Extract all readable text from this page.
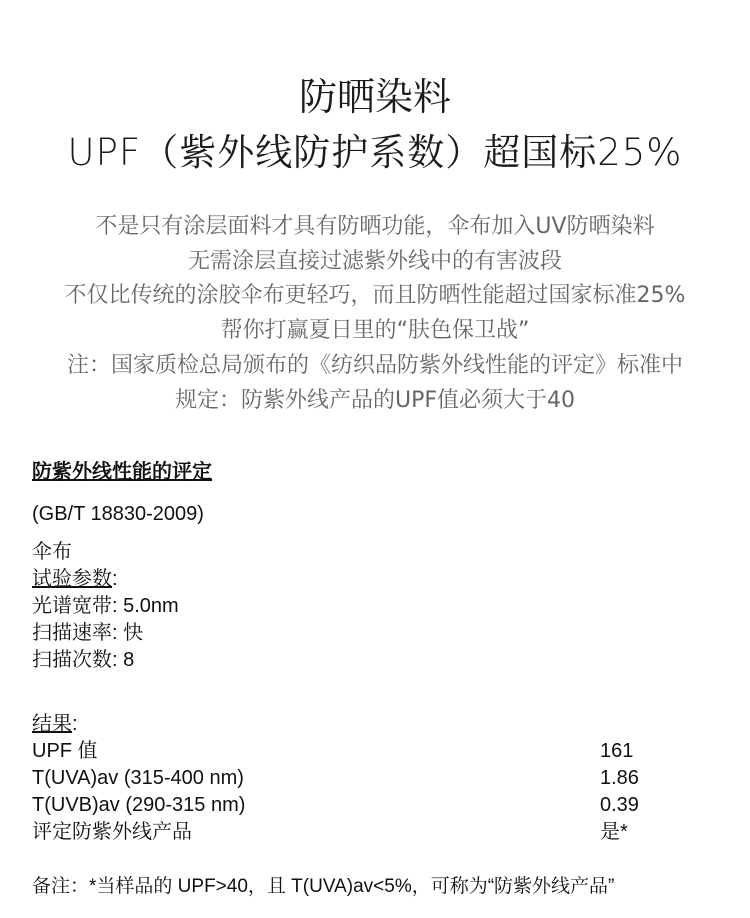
防晒染料
UPF（紫外线防护系数）超国标25%
不是只有涂层面料才具有防晒功能，伞布加入UV防晒染料
无需涂层直接过滤紫外线中的有害波段
不仅比传统的涂胶伞布更轻巧，而且防晒性能超过国家标准25%
帮你打赢夏日里的“肤色保卫战”
注：国家质检总局颁布的《纺织品防紫外线性能的评定》标准中
规定：防紫外线产品的UPF值必须大于40
防紫外线性能的评定
(GB/T 18830-2009)
伞布
试验参数:
光谱宽带: 5.0nm
扫描速率: 快
扫描次数: 8
结果:
UPF 值	161
T(UVA)av (315-400 nm)	1.86
T(UVB)av (290-315 nm)	0.39
评定防紫外线产品	是*
备注：*当样品的 UPF>40，且 T(UVA)av<5%，可称为“防紫外线产品”
